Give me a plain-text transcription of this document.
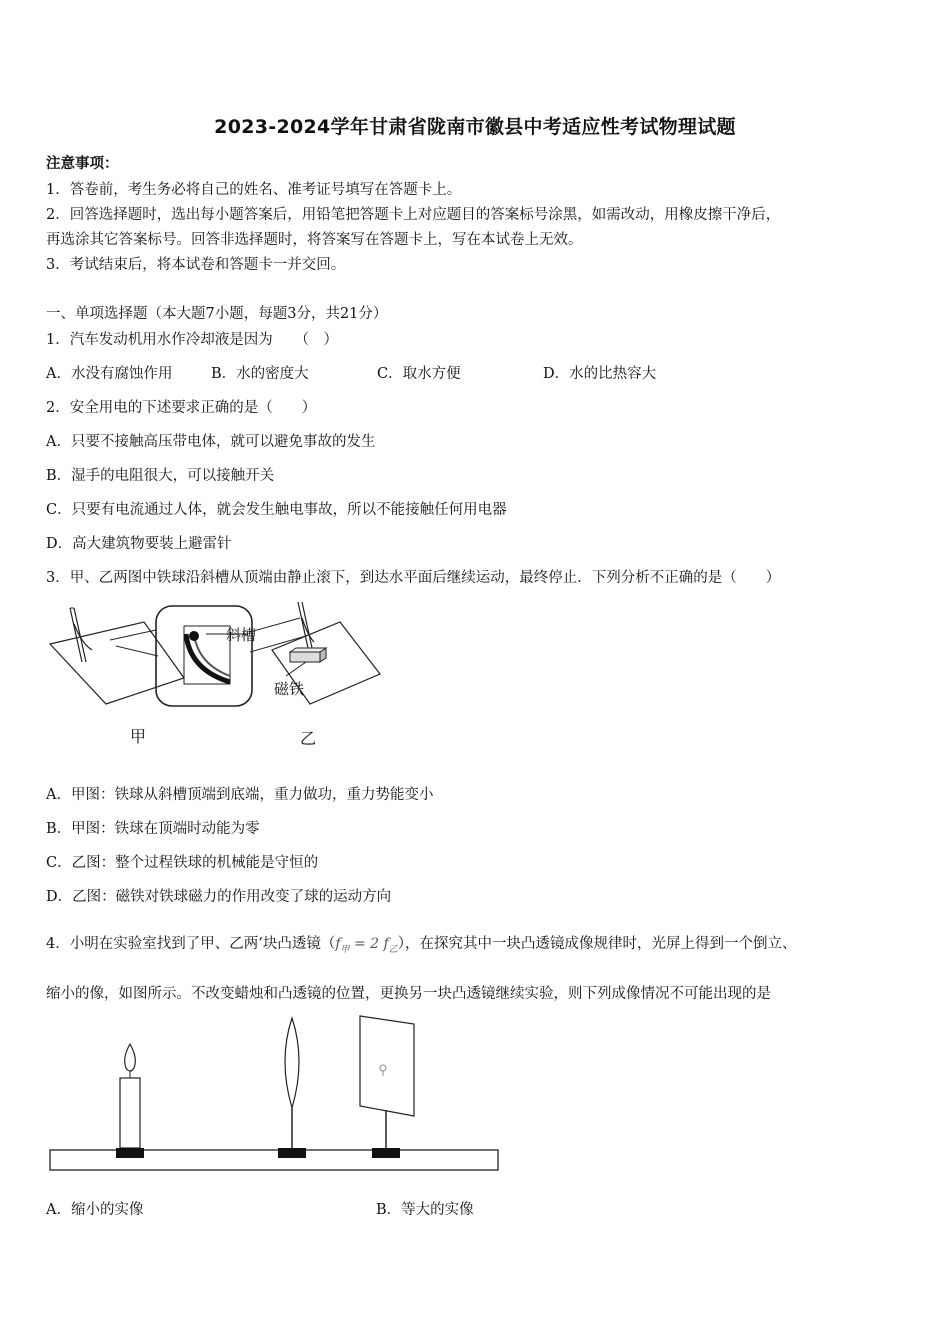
2023-2024学年甘肃省陇南市徽县中考适应性考试物理试题
注意事项：
1．答卷前，考生务必将自己的姓名、准考证号填写在答题卡上。
2．回答选择题时，选出每小题答案后，用铅笔把答题卡上对应题目的答案标号涂黑，如需改动，用橡皮擦干净后，
再选涂其它答案标号。回答非选择题时，将答案写在答题卡上，写在本试卷上无效。
3．考试结束后，将本试卷和答题卡一并交回。
一、单项选择题（本大题7小题，每题3分，共21分）
1．汽车发动机用水作冷却液是因为　　（　）
A．水没有腐蚀作用	B．水的密度大	C．取水方便	D．水的比热容大
2．安全用电的下述要求正确的是（　　）
A．只要不接触高压带电体，就可以避免事故的发生
B．湿手的电阻很大，可以接触开关
C．只要有电流通过人体，就会发生触电事故，所以不能接触任何用电器
D．高大建筑物要装上避雷针
3．甲、乙两图中铁球沿斜槽从顶端由静止滚下，到达水平面后继续运动，最终停止．下列分析不正确的是（　　）
斜槽
磁铁
甲	乙
A．甲图：铁球从斜槽顶端到底端，重力做功，重力势能变小
B．甲图：铁球在顶端时动能为零
C．乙图：整个过程铁球的机械能是守恒的
D．乙图：磁铁对铁球磁力的作用改变了球的运动方向
4．小明在实验室找到了甲、乙两’块凸透镜（$f_甲 = 2$ $f_乙$），在探究其中一块凸透镜成像规律时，光屏上得到一个倒立、
缩小的像，如图所示。不改变蜡烛和凸透镜的位置，更换另一块凸透镜继续实验，则下列成像情况不可能出现的是
A．缩小的实像	B．等大的实像
